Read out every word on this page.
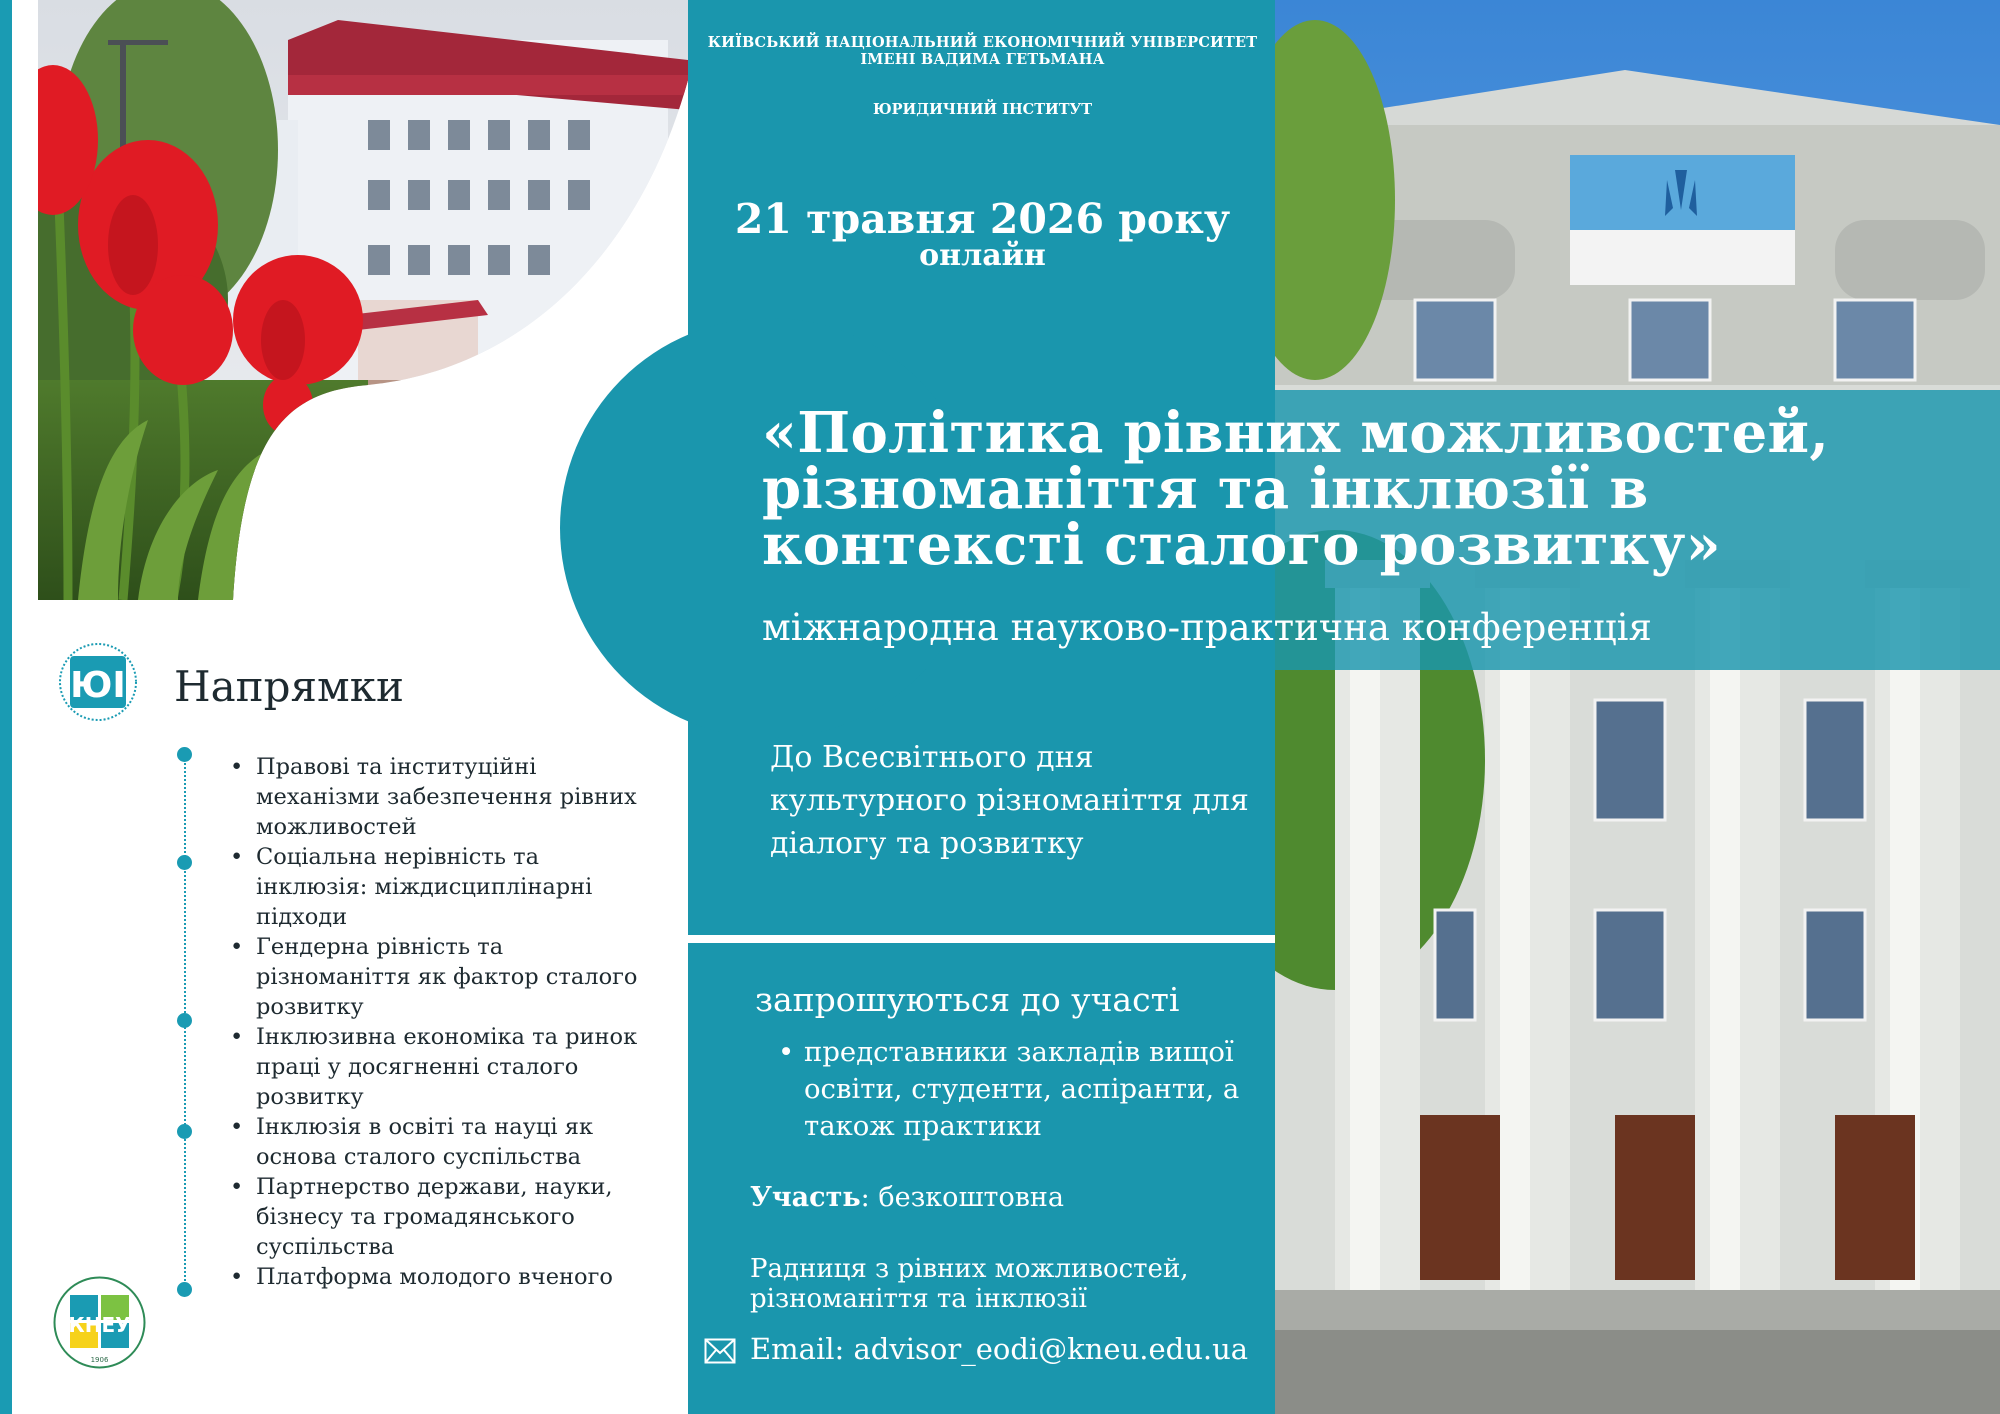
КИЇВСЬКИЙ НАЦІОНАЛЬНИЙ ЕКОНОМІЧНИЙ УНІВЕРСИТЕТ ІМЕНІ ВАДИМА ГЕТЬМАНА
ЮРИДИЧНИЙ ІНСТИТУТ
21 травня 2026 року
онлайн
«Політика рівних можливостей,
різноманіття та інклюзії в
контексті сталого розвитку»
міжнародна науково-практична конференція
До Всесвітнього дня культурного різноманіття для діалогу та розвитку
запрошуються до участі
• представники закладів вищої освіти, студенти, аспіранти, а також практики
Участь: безкоштовна
Радниця з рівних можливостей, різноманіття та інклюзії
Email: advisor_eodi@kneu.edu.ua
ЮІ Напрямки
• Правові та інституційні механізми забезпечення рівних можливостей
• Соціальна нерівність та інклюзія: міждисциплінарні підходи
• Гендерна рівність та різноманіття як фактор сталого розвитку
• Інклюзивна економіка та ринок праці у досягненні сталого розвитку
• Інклюзія в освіті та науці як основа сталого суспільства
• Партнерство держави, науки, бізнесу та громадянського суспільства
• Платформа молодого вченого
КНЕУ
1906
